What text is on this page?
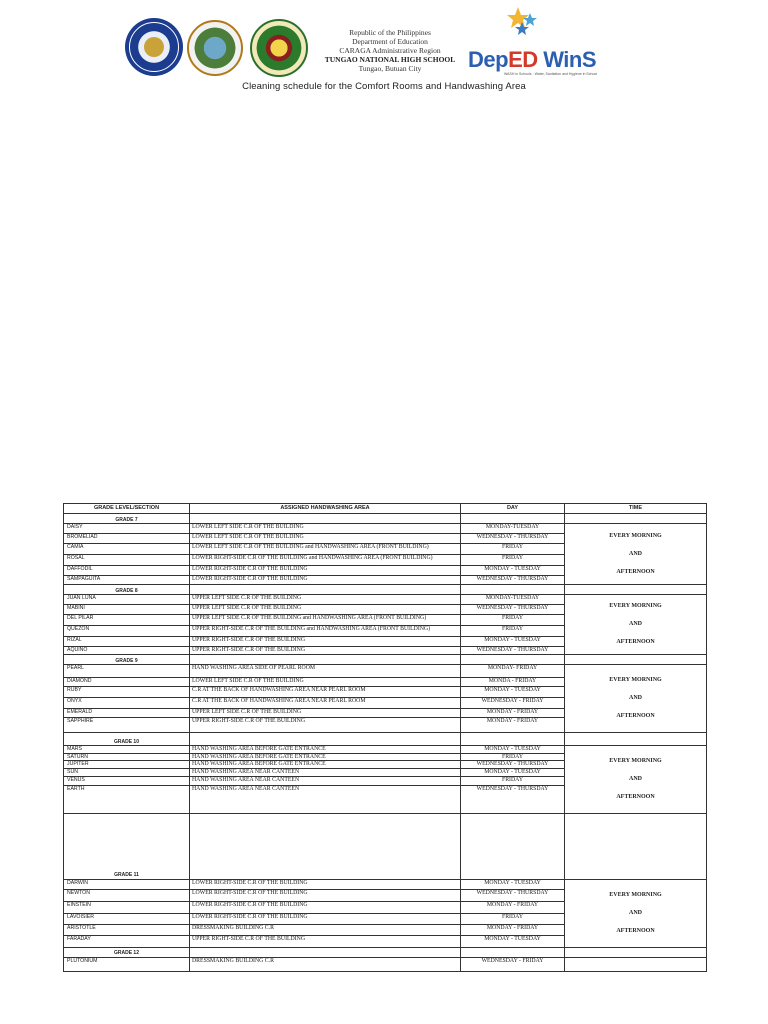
Republic of the Philippines
Department of Education
CARAGA Administrative Region
TUNGAO NATIONAL HIGH SCHOOL
Tungao, Butuan City	DepED WinS
WASH in Schools · Water, Sanitation and Hygiene in School
Cleaning schedule for the Comfort Rooms and Handwashing Area
GRADE LEVEL/SECTION	ASSIGNED HANDWASHING AREA	DAY	TIME
GRADE 7			
DAISY	LOWER LEFT SIDE C.R OF THE BUILDING	MONDAY-TUESDAY	EVERY MORNING
AND
AFTERNOON

BROMELIAD	LOWER LEFT SIDE C.R OF THE BUILDING	WEDNESDAY - THURSDAY	
CAMIA	LOWER LEFT SIDE C.R OF THE BUILDING and HANDWASHING AREA (FRONT BUILDING)	FRIDAY	
ROSAL	LOWER RIGHT-SIDE C.R OF THE BUILDING and HANDWASHING AREA (FRONT BUILDING)	FRIDAY	
DAFFODIL	LOWER RIGHT-SIDE C.R OF THE BUILDING	MONDAY - TUESDAY	
SAMPAGUITA	LOWER RIGHT-SIDE C.R OF THE BUILDING	WEDNESDAY - THURSDAY	
GRADE 8			
JUAN LUNA	UPPER LEFT SIDE C.R OF THE BUILDING	MONDAY-TUESDAY	EVERY MORNING
AND
AFTERNOON

MABINI	UPPER LEFT SIDE C.R OF THE BUILDING	WEDNESDAY - THURSDAY	
DEL PILAR	UPPER LEFT SIDE C.R OF THE BUILDING and HANDWASHING AREA (FRONT BUILDING)	FRIDAY	
QUEZON	UPPER RIGHT-SIDE C.R OF THE BUILDING and HANDWASHING AREA (FRONT BUILDING)	FRIDAY	
RIZAL	UPPER RIGHT-SIDE C.R OF THE BUILDING	MONDAY - TUESDAY	
AQUINO	UPPER RIGHT-SIDE C.R OF THE BUILDING	WEDNESDAY - THURSDAY	
GRADE 9			
PEARL	HAND WASHING AREA SIDE OF PEARL ROOM	MONDAY- FRIDAY	EVERY MORNING
AND
AFTERNOON

DIAMOND	LOWER LEFT SIDE C.R OF THE BUILDING	MONDA - FRIDAY	
RUBY	C.R AT THE BACK OF HANDWASHING AREA NEAR PEARL ROOM	MONDAY - TUESDAY	
ONYX	C.R AT THE BACK OF HANDWASHING AREA NEAR PEARL ROOM	WEDNESDAY - FRIDAY	
EMERALD	UPPER LEFT SIDE C.R OF THE BUILDING	MONDAY - FRIDAY	
SAPPHIRE	UPPER RIGHT-SIDE C.R OF THE BUILDING	MONDAY - FRIDAY	
GRADE 10			
MARS	HAND WASHING AREA BEFORE GATE ENTRANCE	MONDAY - TUESDAY	EVERY MORNING
AND
AFTERNOON

SATURN	HAND WASHING AREA BEFORE GATE ENTRANCE	FRIDAY	
JUPITER	HAND WASHING AREA BEFORE GATE ENTRANCE	WEDNESDAY - THURSDAY	
SUN	HAND WASHING AREA NEAR CANTEEN	MONDAY - TUESDAY	
VENUS	HAND WASHING AREA NEAR CANTEEN	FRIDAY	
EARTH	HAND WASHING AREA NEAR CANTEEN	WEDNESDAY - THURSDAY	
GRADE 11			
DARWIN	LOWER RIGHT-SIDE C.R OF THE BUILDING	MONDAY - TUESDAY	EVERY MORNING
AND
AFTERNOON

NEWTON	LOWER RIGHT-SIDE C.R OF THE BUILDING	WEDNESDAY - THURSDAY	
EINSTEIN	LOWER RIGHT-SIDE C.R OF THE BUILDING	MONDAY - FRIDAY	
LAVOISIER	LOWER RIGHT-SIDE C.R OF THE BUILDING	FRIDAY	
ARISTOTLE	DRESSMAKING BUILDING C.R	MONDAY - FRIDAY	
FARADAY	UPPER RIGHT-SIDE C.R OF THE BUILDING	MONDAY - TUESDAY	
GRADE 12			
PLUTONIUM	DRESSMAKING BUILDING C.R	WEDNESDAY - FRIDAY	
